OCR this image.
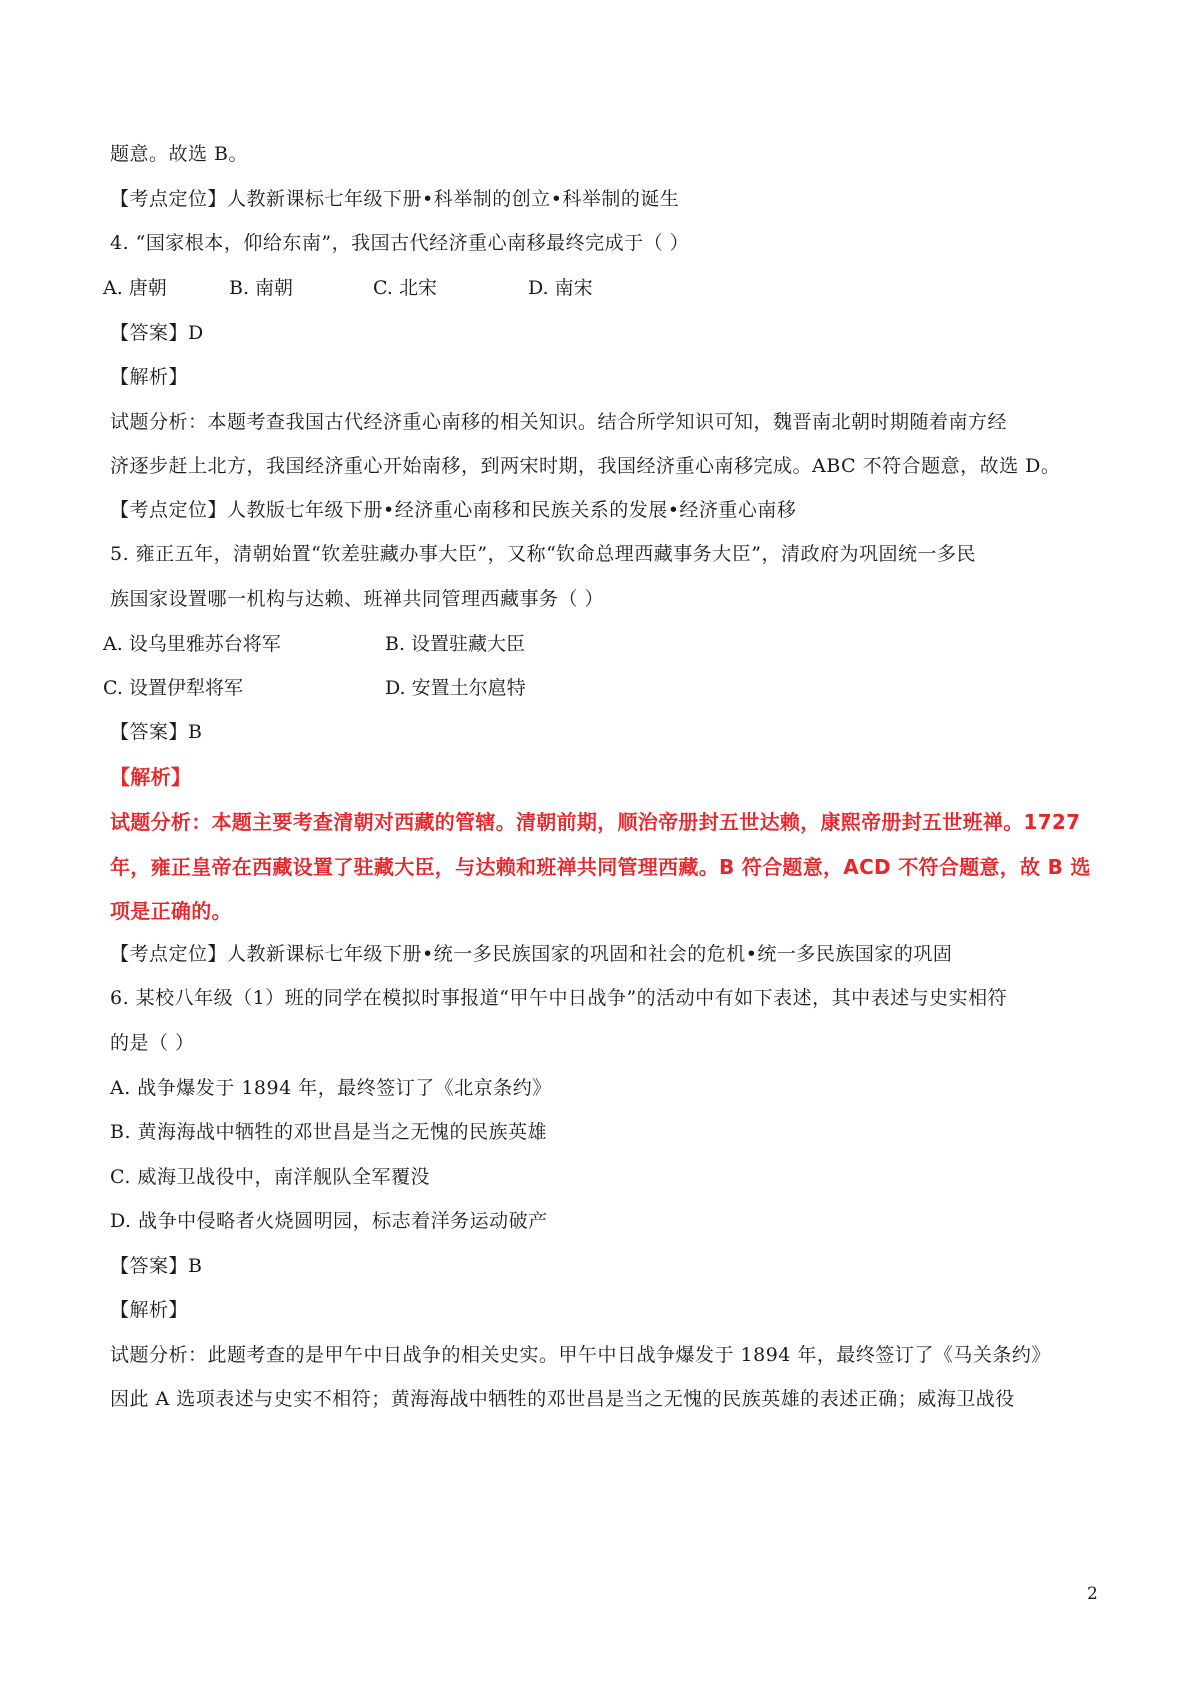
题意。故选 B。
【考点定位】人教新课标七年级下册•科举制的创立•科举制的诞生
4. “国家根本，仰给东南”，我国古代经济重心南移最终完成于（ ）
A. 唐朝	B. 南朝	C. 北宋	D. 南宋
【答案】D
【解析】
试题分析：本题考查我国古代经济重心南移的相关知识。结合所学知识可知，魏晋南北朝时期随着南方经
济逐步赶上北方，我国经济重心开始南移，到两宋时期，我国经济重心南移完成。ABC 不符合题意，故选 D。
【考点定位】人教版七年级下册•经济重心南移和民族关系的发展•经济重心南移
5. 雍正五年，清朝始置“钦差驻藏办事大臣”，又称“钦命总理西藏事务大臣”，清政府为巩固统一多民
族国家设置哪一机构与达赖、班禅共同管理西藏事务（ ）
A. 设乌里雅苏台将军	B. 设置驻藏大臣
C. 设置伊犁将军	D. 安置土尔扈特
【答案】B
【解析】
试题分析：本题主要考查清朝对西藏的管辖。清朝前期，顺治帝册封五世达赖，康熙帝册封五世班禅。1727
年，雍正皇帝在西藏设置了驻藏大臣，与达赖和班禅共同管理西藏。B 符合题意，ACD 不符合题意，故 B 选
项是正确的。
【考点定位】人教新课标七年级下册•统一多民族国家的巩固和社会的危机•统一多民族国家的巩固
6. 某校八年级（1）班的同学在模拟时事报道“甲午中日战争”的活动中有如下表述，其中表述与史实相符
的是（ ）
A. 战争爆发于 1894 年，最终签订了《北京条约》
B. 黄海海战中牺牲的邓世昌是当之无愧的民族英雄
C. 威海卫战役中，南洋舰队全军覆没
D. 战争中侵略者火烧圆明园，标志着洋务运动破产
【答案】B
【解析】
试题分析：此题考查的是甲午中日战争的相关史实。甲午中日战争爆发于 1894 年，最终签订了《马关条约》
因此 A 选项表述与史实不相符；黄海海战中牺牲的邓世昌是当之无愧的民族英雄的表述正确；威海卫战役
2
